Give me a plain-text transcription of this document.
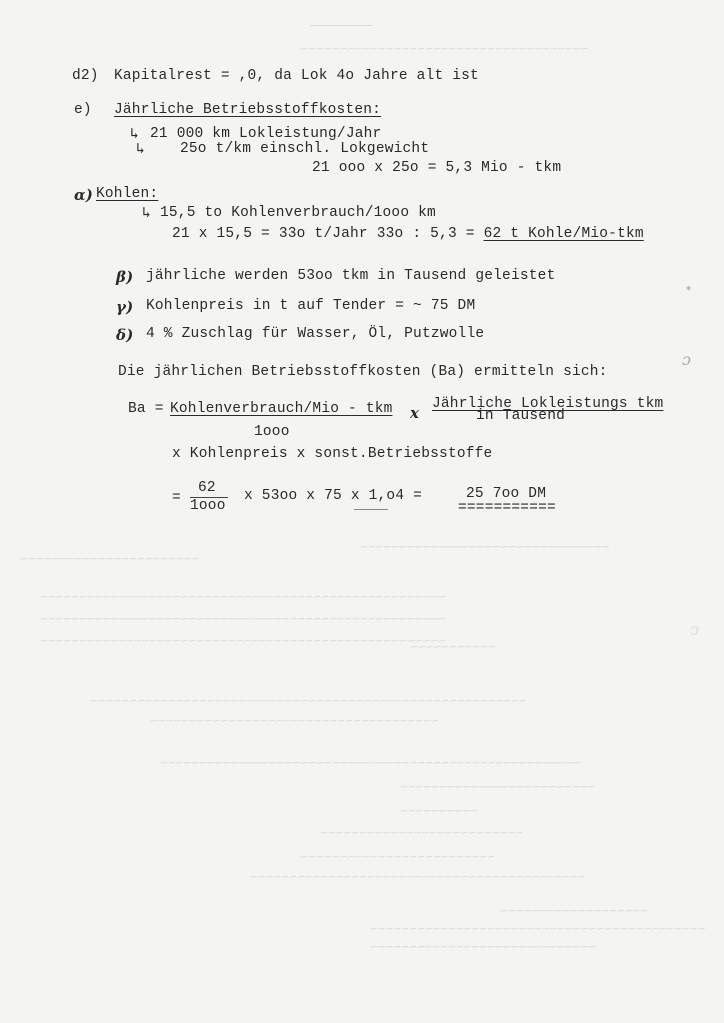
————————
~~~~~~~~~~~~~~~~~~~~~~~~~~~~~~~~~~~~~
~~~~~~~~~~~~~~~~~~~~~~~~~~~~~~~~
~~~~~~~~~~~~~~~~~~~~~~~
~~~~~~~~~~~~~~~~~~~~~~~~~~~~~~~~~~~~~~~~~~~~~~~~~~~~
~~~~~~~~~~~~~~~~~~~~~~~~~~~~~~~~~~~~~~~~~~~~~~~~~~~~
~~~~~~~~~~~~~~~~~~~~~~~~~~~~~~~~~~~~~~~~~~~~~~~~~~~~
~~~~~~~~~~~
~~~~~~~~~~~~~~~~~~~~~~~~~~~~~~~~~~~~~~~~~~~~~~~~~~~~~~~~
~~~~~~~~~~~~~~~~~~~~~~~~~~~~~~~~~~~~~
~~~~~~~~~~~~~~~~~~~~~~~~~~~~~~~~~~~~~~~~~~~~~~~~~~~~~~
~~~~~~~~~~~~~~~~~~~~~~~~~
~~~~~~~~~~
~~~~~~~~~~~~~~~~~~~~~~~~~~
~~~~~~~~~~~~~~~~~~~~~~~~~
~~~~~~~~~~~~~~~~~~~~~~~~~~~~~~~~~~~~~~~~~~~
~~~~~~~~~~~~~~~~~~~
~~~~~~~~~~~~~~~~~~~~~~~~~~~~~~~~~~~~~~~~~~~
~~~~~~~~~~~~~~~~~~~~~~~~~~~~~
d2) Kapitalrest = ,0, da Lok 4o Jahre alt ist
e) Jährliche Betriebsstoffkosten:
↳ 21 000 km Lokleistung/Jahr
↳ 25o t/km einschl. Lokgewicht
21 ooo x 25o = 5,3 Mio - tkm
α) Kohlen:
↳ 15,5 to Kohlenverbrauch/1ooo km
21 x 15,5 = 33o t/Jahr 33o : 5,3 = 62 t Kohle/Mio-tkm
β) jährliche werden 53oo tkm in Tausend geleistet
γ) Kohlenpreis in t auf Tender = ~ 75 DM
δ) 4 % Zuschlag für Wasser, Öl, Putzwolle
Die jährlichen Betriebsstoffkosten (Ba) ermitteln sich:
Ba = Kohlenverbrauch/Mio - tkm x Jährliche Lokleistungs tkm
in Tausend
1ooo
x Kohlenpreis x sonst.Betriebsstoffe
=
62
1ooo
x 53oo x 75 x 1,o4 =	25 7oo DM
===========
ɔ
⁎
ↄ
